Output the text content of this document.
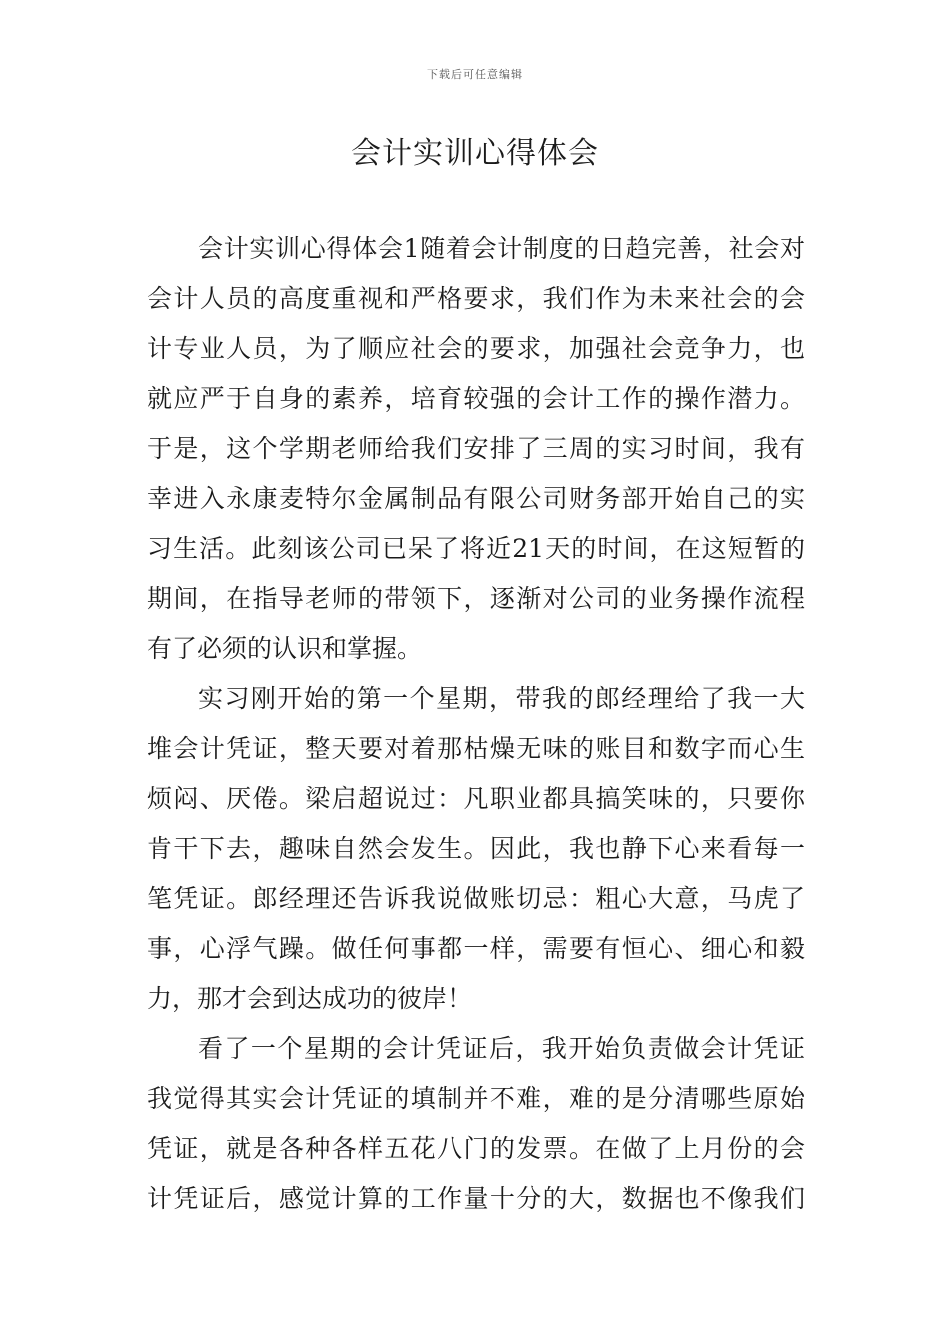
下载后可任意编辑
会计实训心得体会
会计实训心得体会1随着会计制度的日趋完善，社会对
会计人员的高度重视和严格要求，我们作为未来社会的会
计专业人员，为了顺应社会的要求，加强社会竞争力，也
就应严于自身的素养，培育较强的会计工作的操作潜力。
于是，这个学期老师给我们安排了三周的实习时间，我有
幸进入永康麦特尔金属制品有限公司财务部开始自己的实
习生活。此刻该公司已呆了将近21天的时间，在这短暂的
期间，在指导老师的带领下，逐渐对公司的业务操作流程
有了必须的认识和掌握。
实习刚开始的第一个星期，带我的郎经理给了我一大
堆会计凭证，整天要对着那枯燥无味的账目和数字而心生
烦闷、厌倦。梁启超说过：凡职业都具搞笑味的，只要你
肯干下去，趣味自然会发生。因此，我也静下心来看每一
笔凭证。郎经理还告诉我说做账切忌：粗心大意，马虎了
事，心浮气躁。做任何事都一样，需要有恒心、细心和毅
力，那才会到达成功的彼岸！
看了一个星期的会计凭证后，我开始负责做会计凭证
我觉得其实会计凭证的填制并不难，难的是分清哪些原始
凭证，就是各种各样五花八门的发票。在做了上月份的会
计凭证后，感觉计算的工作量十分的大，数据也不像我们
